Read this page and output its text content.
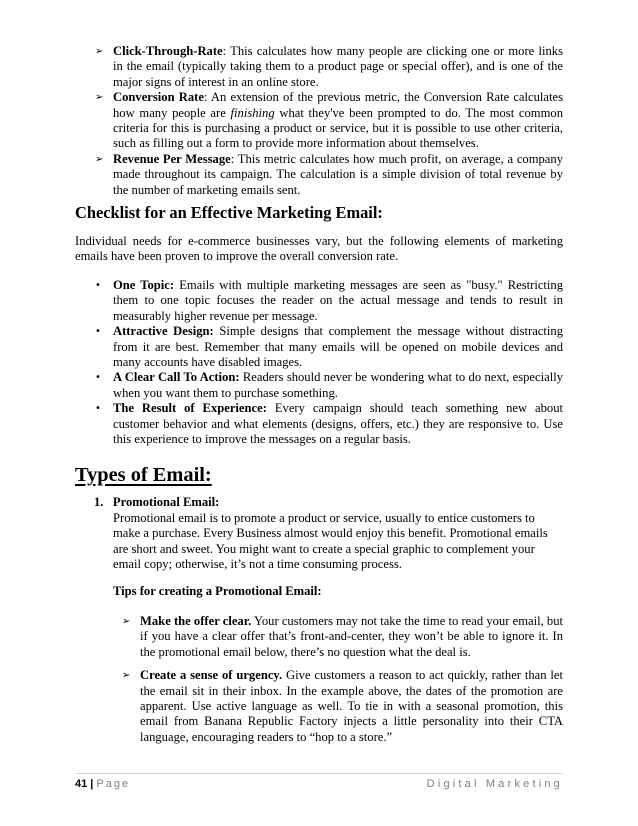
➢ Click-Through-Rate: This calculates how many people are clicking one or more links in the email (typically taking them to a product page or special offer), and is one of the major signs of interest in an online store.
➢ Conversion Rate: An extension of the previous metric, the Conversion Rate calculates how many people are finishing what they've been prompted to do. The most common criteria for this is purchasing a product or service, but it is possible to use other criteria, such as filling out a form to provide more information about themselves.
➢ Revenue Per Message: This metric calculates how much profit, on average, a company made throughout its campaign. The calculation is a simple division of total revenue by the number of marketing emails sent.
Checklist for an Effective Marketing Email:
Individual needs for e-commerce businesses vary, but the following elements of marketing emails have been proven to improve the overall conversion rate.
• One Topic: Emails with multiple marketing messages are seen as "busy." Restricting them to one topic focuses the reader on the actual message and tends to result in measurably higher revenue per message.
• Attractive Design: Simple designs that complement the message without distracting from it are best. Remember that many emails will be opened on mobile devices and many accounts have disabled images.
• A Clear Call To Action: Readers should never be wondering what to do next, especially when you want them to purchase something.
• The Result of Experience: Every campaign should teach something new about customer behavior and what elements (designs, offers, etc.) they are responsive to. Use this experience to improve the messages on a regular basis.
Types of Email:
1. Promotional Email:
Promotional email is to promote a product or service, usually to entice customers to make a purchase. Every Business almost would enjoy this benefit. Promotional emails are short and sweet. You might want to create a special graphic to complement your email copy; otherwise, it’s not a time consuming process.
Tips for creating a Promotional Email:
➢ Make the offer clear. Your customers may not take the time to read your email, but if you have a clear offer that’s front-and-center, they won’t be able to ignore it. In the promotional email below, there’s no question what the deal is.
➢ Create a sense of urgency. Give customers a reason to act quickly, rather than let the email sit in their inbox. In the example above, the dates of the promotion are apparent. Use active language as well. To tie in with a seasonal promotion, this email from Banana Republic Factory injects a little personality into their CTA language, encouraging readers to “hop to a store.”
41 | Page	Digital Marketing
